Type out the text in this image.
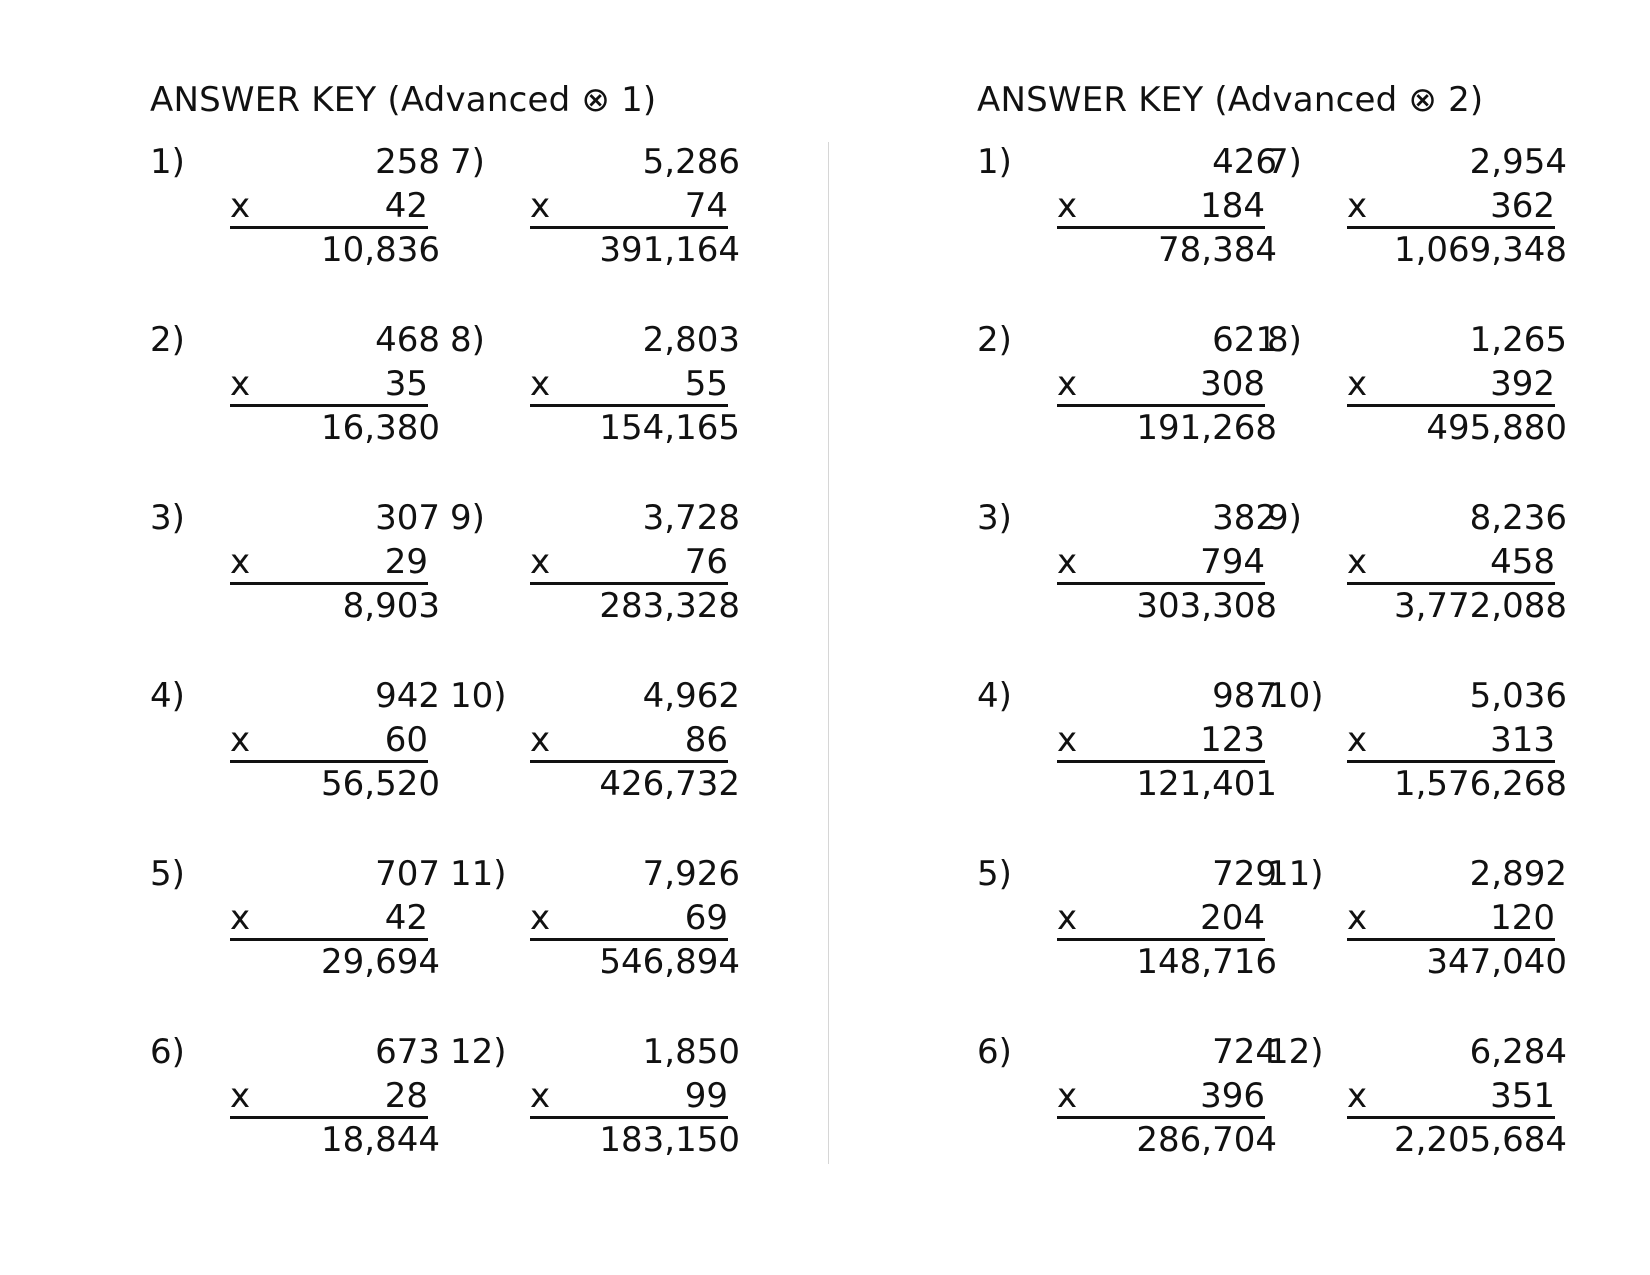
ANSWER KEY (Advanced ⊗ 1)
1)	258
x	42
10,836
2)	468
x	35
16,380
3)	307
x	29
8,903
4)	942
x	60
56,520
5)	707
x	42
29,694
6)	673
x	28
18,844
7)	5,286
x	74
391,164
8)	2,803
x	55
154,165
9)	3,728
x	76
283,328
10)	4,962
x	86
426,732
11)	7,926
x	69
546,894
12)	1,850
x	99
183,150
ANSWER KEY (Advanced ⊗ 2)
1)	426
x	184
78,384
2)	621
x	308
191,268
3)	382
x	794
303,308
4)	987
x	123
121,401
5)	729
x	204
148,716
6)	724
x	396
286,704
7)	2,954
x	362
1,069,348
8)	1,265
x	392
495,880
9)	8,236
x	458
3,772,088
10)	5,036
x	313
1,576,268
11)	2,892
x	120
347,040
12)	6,284
x	351
2,205,684
